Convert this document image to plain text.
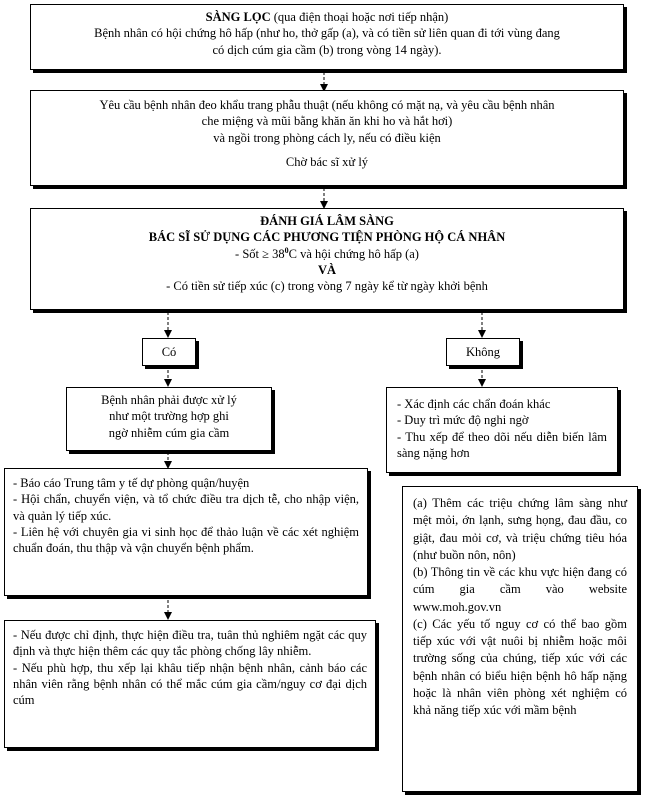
SÀNG LỌC (qua điện thoại hoặc nơi tiếp nhận)
Bệnh nhân có hội chứng hô hấp (như ho, thở gấp (a), và có tiền sử liên quan đi tới vùng đang
có dịch cúm gia cầm (b) trong vòng 14 ngày).
Yêu cầu bệnh nhân đeo khẩu trang phẫu thuật (nếu không có mặt nạ, và yêu cầu bệnh nhân
che miệng và mũi bằng khăn ăn khi ho và hắt hơi)
và ngồi trong phòng cách ly, nếu có điều kiện
Chờ bác sĩ xử lý
ĐÁNH GIÁ LÂM SÀNG
BÁC SĨ SỬ DỤNG CÁC PHƯƠNG TIỆN PHÒNG HỘ CÁ NHÂN
- Sốt ≥ $38^0C$ và hội chứng hô hấp (a)
VÀ
- Có tiền sử tiếp xúc (c) trong vòng 7 ngày kể từ ngày khởi bệnh
Có	Không
Bệnh nhân phải được xử lý
như một trường hợp ghi
ngờ nhiễm cúm gia cầm
- Xác định các chẩn đoán khác
- Duy trì mức độ nghi ngờ
- Thu xếp để theo dõi nếu diễn biến lâm sàng nặng hơn
- Báo cáo Trung tâm y tế dự phòng quận/huyện
- Hội chẩn, chuyển viện, và tổ chức điều tra dịch tễ, cho nhập viện, và quản lý tiếp xúc.
- Liên hệ với chuyên gia vi sinh học để thảo luận về các xét nghiệm chuẩn đoán, thu thập và vận chuyển bệnh phẩm.
(a) Thêm các triệu chứng lâm sàng như mệt mỏi, ớn lạnh, sưng họng, đau đầu, co giật, đau mỏi cơ, và triệu chứng tiêu hóa (như buồn nôn, nôn)
(b) Thông tin về các khu vực hiện đang có cúm gia cầm vào website www.moh.gov.vn
(c) Các yếu tố nguy cơ có thể bao gồm tiếp xúc với vật nuôi bị nhiễm hoặc môi trường sống của chúng, tiếp xúc với các bệnh nhân có biểu hiện bệnh hô hấp nặng hoặc là nhân viên phòng xét nghiệm có khả năng tiếp xúc với mầm bệnh
- Nếu được chỉ định, thực hiện điều tra, tuân thủ nghiêm ngặt các quy định và thực hiện thêm các quy tắc phòng chống lây nhiễm.
- Nếu phù hợp, thu xếp lại khâu tiếp nhận bệnh nhân, cảnh báo các nhân viên rằng bệnh nhân có thể mắc cúm gia cầm/nguy cơ đại dịch cúm
